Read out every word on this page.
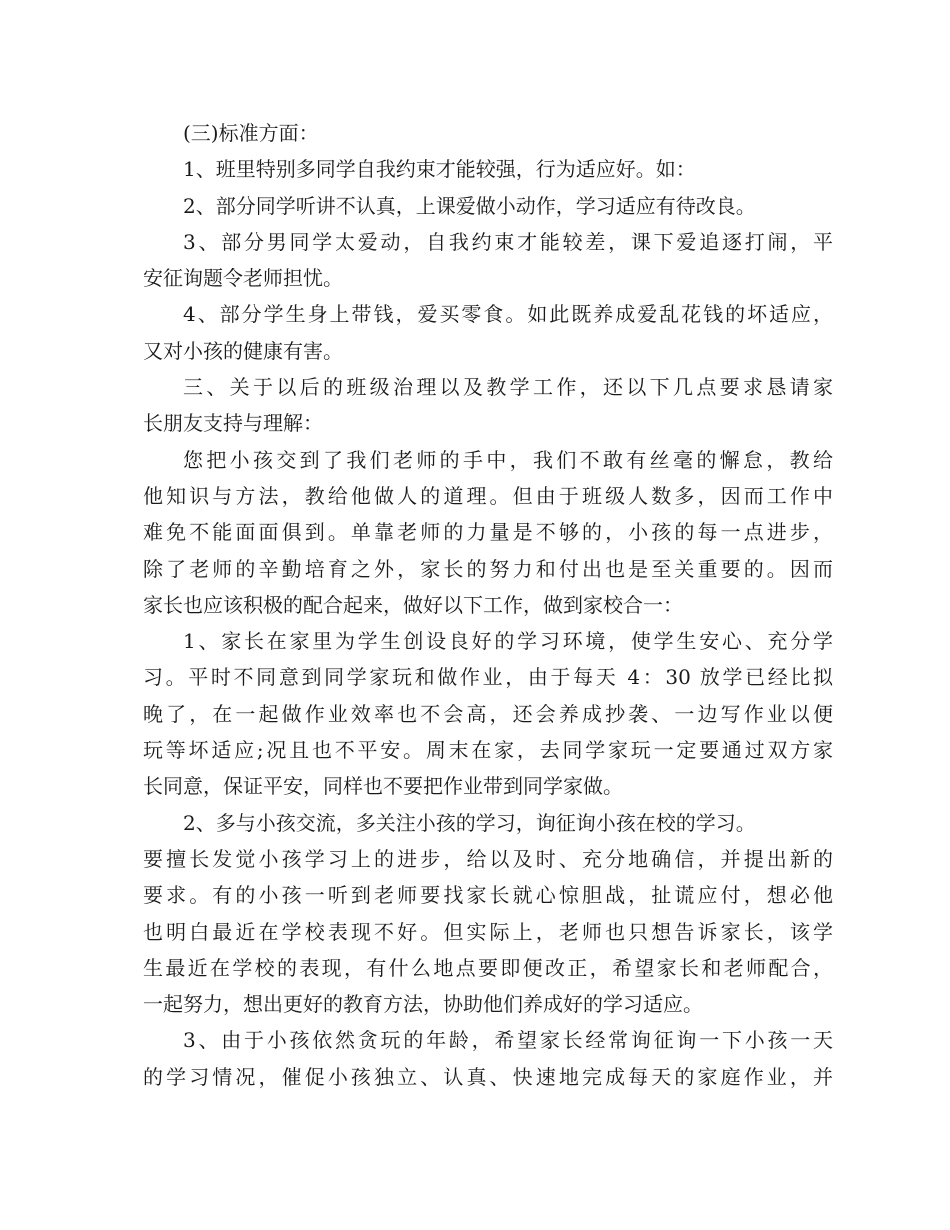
(三)标准方面：
1、班里特别多同学自我约束才能较强，行为适应好。如：
2、部分同学听讲不认真，上课爱做小动作，学习适应有待改良。
3、部分男同学太爱动，自我约束才能较差，课下爱追逐打闹，平
安征询题令老师担忧。
4、部分学生身上带钱，爱买零食。如此既养成爱乱花钱的坏适应，
又对小孩的健康有害。
三、关于以后的班级治理以及教学工作，还以下几点要求恳请家
长朋友支持与理解：
您把小孩交到了我们老师的手中，我们不敢有丝毫的懈怠，教给
他知识与方法，教给他做人的道理。但由于班级人数多，因而工作中
难免不能面面俱到。单靠老师的力量是不够的，小孩的每一点进步，
除了老师的辛勤培育之外，家长的努力和付出也是至关重要的。因而
家长也应该积极的配合起来，做好以下工作，做到家校合一：
1、家长在家里为学生创设良好的学习环境，使学生安心、充分学
习。平时不同意到同学家玩和做作业，由于每天 4：30 放学已经比拟
晚了，在一起做作业效率也不会高，还会养成抄袭、一边写作业以便
玩等坏适应;况且也不平安。周末在家，去同学家玩一定要通过双方家
长同意，保证平安，同样也不要把作业带到同学家做。
2、多与小孩交流，多关注小孩的学习，询征询小孩在校的学习。
要擅长发觉小孩学习上的进步，给以及时、充分地确信，并提出新的
要求。有的小孩一听到老师要找家长就心惊胆战，扯谎应付，想必他
也明白最近在学校表现不好。但实际上，老师也只想告诉家长，该学
生最近在学校的表现，有什么地点要即便改正，希望家长和老师配合，
一起努力，想出更好的教育方法，协助他们养成好的学习适应。
3、由于小孩依然贪玩的年龄，希望家长经常询征询一下小孩一天
的学习情况，催促小孩独立、认真、快速地完成每天的家庭作业，并
